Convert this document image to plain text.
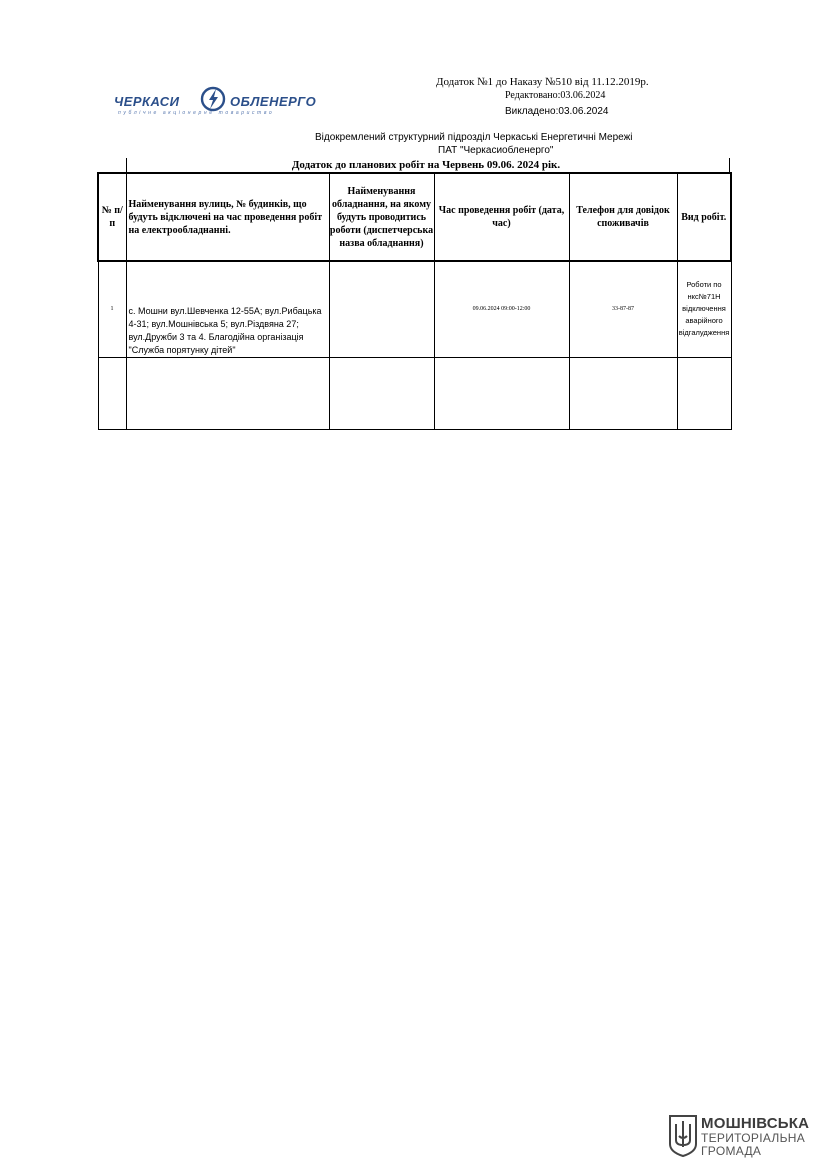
ЧЕРКАСИ	ОБЛЕНЕРГО
публічне акціонерне товариство
Додаток №1 до Наказу №510 від 11.12.2019р.
Редактовано:03.06.2024
Викладено:03.06.2024
Відокремлений структурний підрозділ Черкаські Енергетичні Мережі
ПАТ "Черкасиобленерго"
Додаток до планових робіт на Червень 09.06. 2024 рік.
№ п/п	Найменування вулиць, № будинків, що будуть відключені на час проведення робіт на електрообладнанні.	Найменування обладнання, на якому будуть проводитись роботи (диспетчерська назва обладнання)	Час проведення робіт (дата, час)	Телефон для довідок споживачів	Вид робіт.
1	с. Мошни вул.Шевченка 12-55А; вул.Рибацька 4-31; вул.Мошнівська 5; вул.Різдвяна 27; вул.Дружби 3 та 4. Благодійна організація "Служба порятунку дітей"		09.06.2024 09:00-12:00	33-87-87	Роботи по нкс№71Н відключення аварійного відгалудження

МОШНІВСЬКА
ТЕРИТОРІАЛЬНА
ГРОМАДА
